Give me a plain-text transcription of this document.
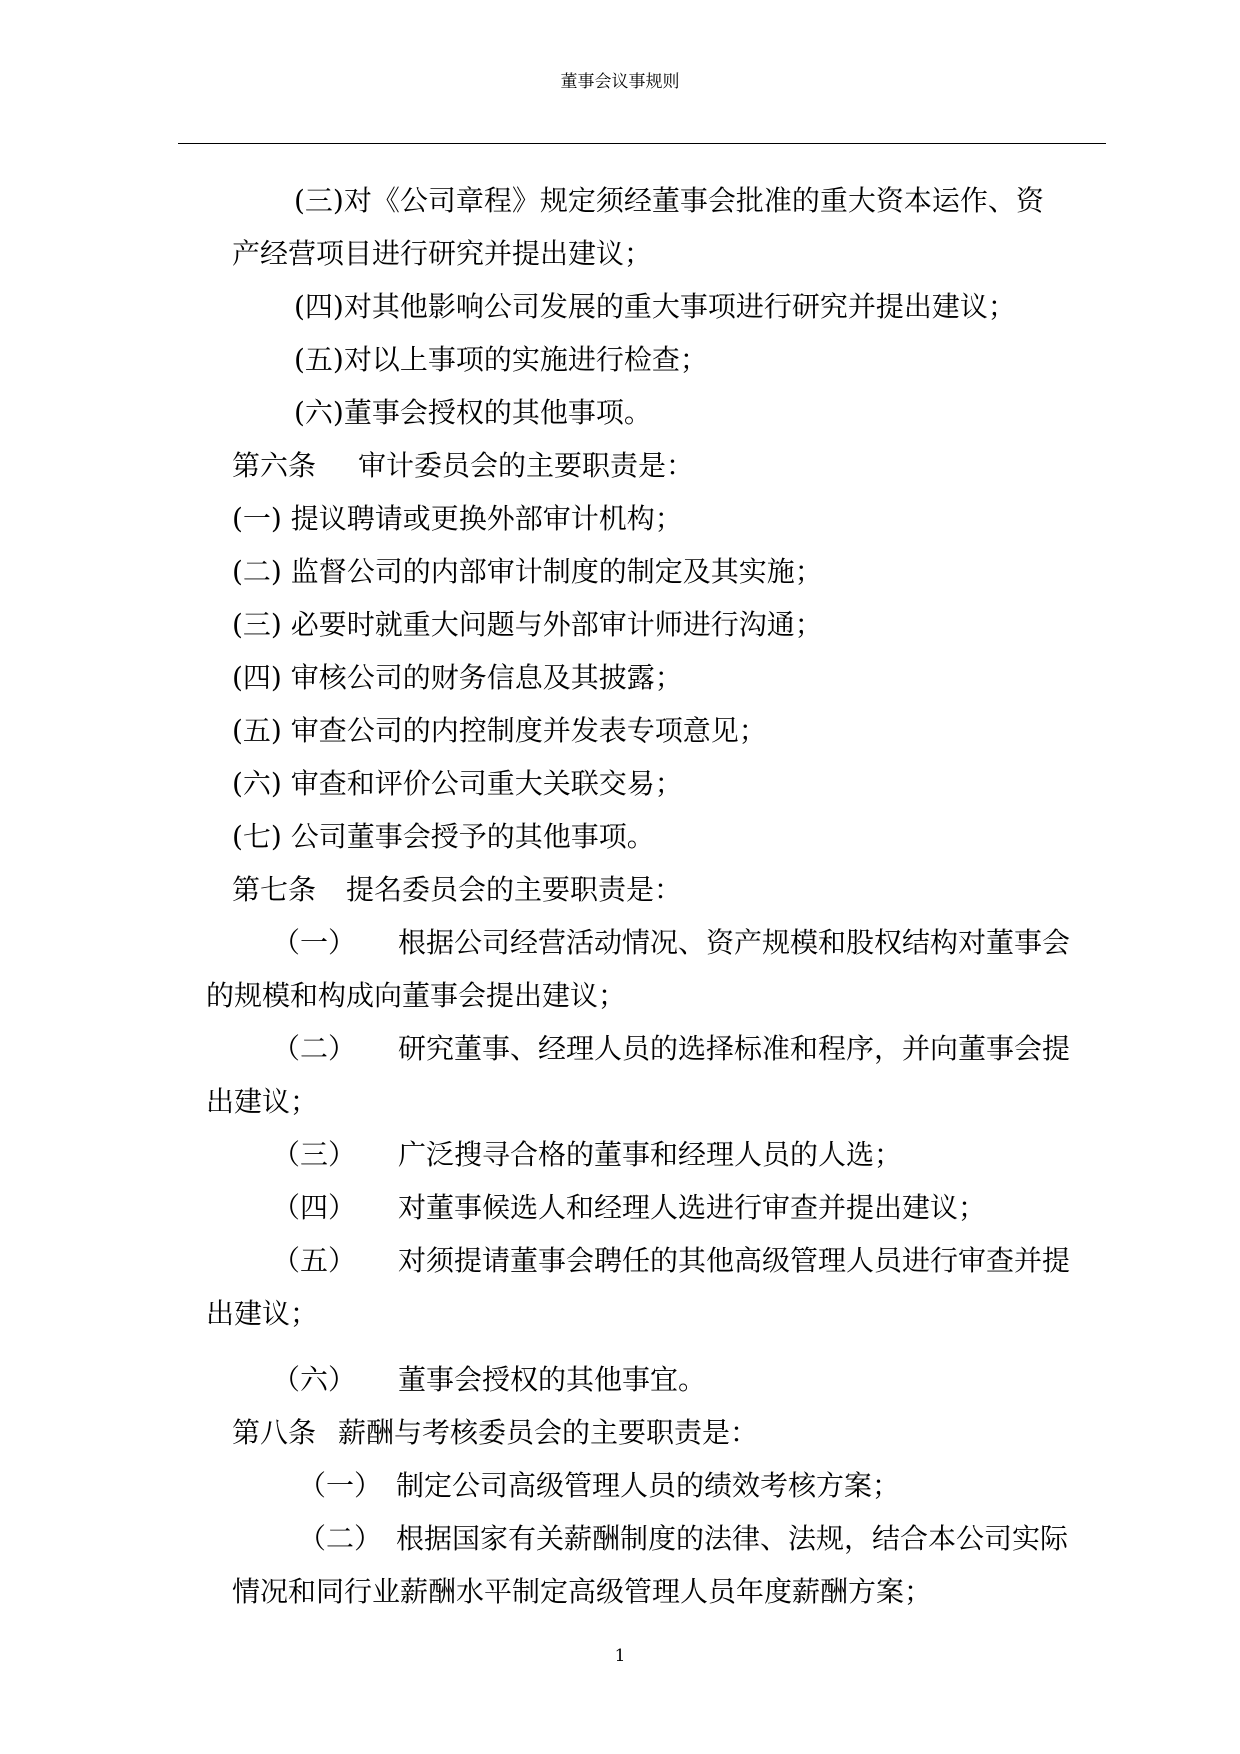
董事会议事规则
(三)对《公司章程》规定须经董事会批准的重大资本运作、资
产经营项目进行研究并提出建议；
(四)对其他影响公司发展的重大事项进行研究并提出建议；
(五)对以上事项的实施进行检查；
(六)董事会授权的其他事项。
第六条 审计委员会的主要职责是：
(一) 提议聘请或更换外部审计机构；
(二) 监督公司的内部审计制度的制定及其实施；
(三) 必要时就重大问题与外部审计师进行沟通；
(四) 审核公司的财务信息及其披露；
(五) 审查公司的内控制度并发表专项意见；
(六) 审查和评价公司重大关联交易；
(七) 公司董事会授予的其他事项。
第七条 提名委员会的主要职责是：
（一） 根据公司经营活动情况、资产规模和股权结构对董事会
的规模和构成向董事会提出建议；
（二） 研究董事、经理人员的选择标准和程序，并向董事会提
出建议；
（三） 广泛搜寻合格的董事和经理人员的人选；
（四） 对董事候选人和经理人选进行审查并提出建议；
（五） 对须提请董事会聘任的其他高级管理人员进行审查并提
出建议；
（六） 董事会授权的其他事宜。
第八条 薪酬与考核委员会的主要职责是：
（一） 制定公司高级管理人员的绩效考核方案；
（二） 根据国家有关薪酬制度的法律、法规，结合本公司实际
情况和同行业薪酬水平制定高级管理人员年度薪酬方案；
1
